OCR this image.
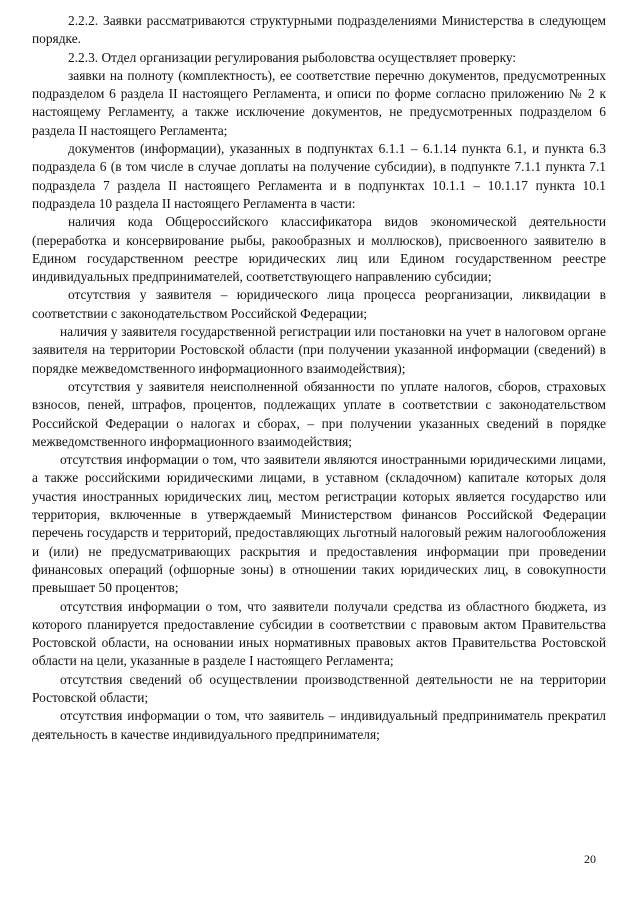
2.2.2. Заявки рассматриваются структурными подразделениями Министерства в следующем порядке.

2.2.3. Отдел организации регулирования рыболовства осуществляет проверку:

заявки на полноту (комплектность), ее соответствие перечню документов, предусмотренных подразделом 6 раздела II настоящего Регламента, и описи по форме согласно приложению № 2 к настоящему Регламенту, а также исключение документов, не предусмотренных подразделом 6 раздела II настоящего Регламента;

документов (информации), указанных в подпунктах 6.1.1 – 6.1.14 пункта 6.1, и пункта 6.3 подраздела 6 (в том числе в случае доплаты на получение субсидии), в подпункте 7.1.1 пункта 7.1 подраздела 7 раздела II настоящего Регламента и в подпунктах 10.1.1 – 10.1.17 пункта 10.1 подраздела 10 раздела II настоящего Регламента в части:

наличия кода Общероссийского классификатора видов экономической деятельности (переработка и консервирование рыбы, ракообразных и моллюсков), присвоенного заявителю в Едином государственном реестре юридических лиц или Едином государственном реестре индивидуальных предпринимателей, соответствующего направлению субсидии;

отсутствия у заявителя – юридического лица процесса реорганизации, ликвидации в соответствии с законодательством Российской Федерации;

наличия у заявителя государственной регистрации или постановки на учет в налоговом органе заявителя на территории Ростовской области (при получении указанной информации (сведений) в порядке межведомственного информационного взаимодействия);

отсутствия у заявителя неисполненной обязанности по уплате налогов, сборов, страховых взносов, пеней, штрафов, процентов, подлежащих уплате в соответствии с законодательством Российской Федерации о налогах и сборах, – при получении указанных сведений в порядке межведомственного информационного взаимодействия;

отсутствия информации о том, что заявители являются иностранными юридическими лицами, а также российскими юридическими лицами, в уставном (складочном) капитале которых доля участия иностранных юридических лиц, местом регистрации которых является государство или территория, включенные в утверждаемый Министерством финансов Российской Федерации перечень государств и территорий, предоставляющих льготный налоговый режим налогообложения и (или) не предусматривающих раскрытия и предоставления информации при проведении финансовых операций (офшорные зоны) в отношении таких юридических лиц, в совокупности превышает 50 процентов;

отсутствия информации о том, что заявители получали средства из областного бюджета, из которого планируется предоставление субсидии в соответствии с правовым актом Правительства Ростовской области, на основании иных нормативных правовых актов Правительства Ростовской области на цели, указанные в разделе I настоящего Регламента;

отсутствия сведений об осуществлении производственной деятельности не на территории Ростовской области;

отсутствия информации о том, что заявитель – индивидуальный предприниматель прекратил деятельность в качестве индивидуального предпринимателя;

20
